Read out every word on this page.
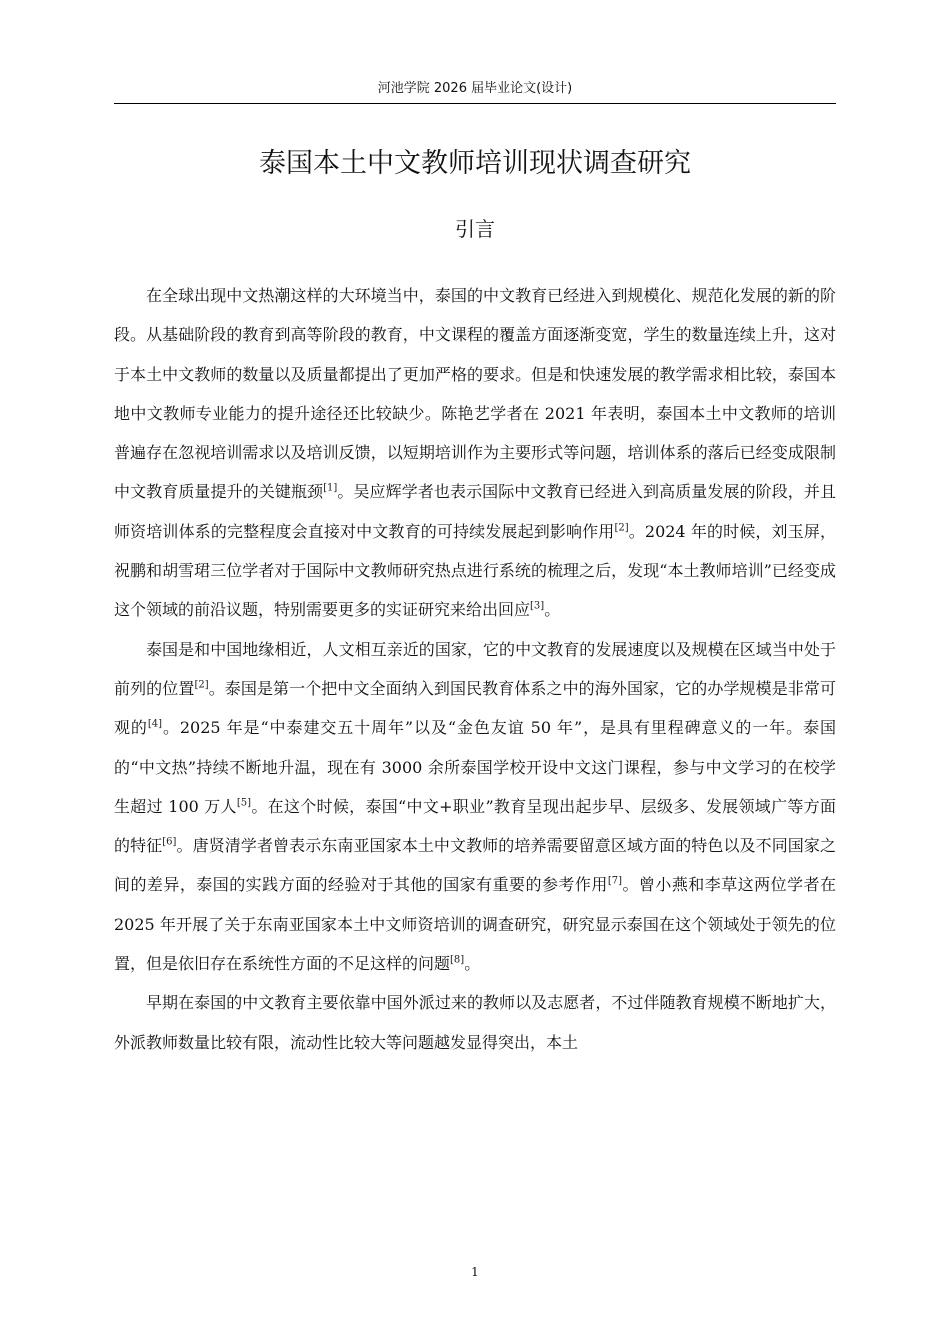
河池学院 2026 届毕业论文(设计)
泰国本土中文教师培训现状调查研究
引言

在全球出现中文热潮这样的大环境当中，泰国的中文教育已经进入到规模化、规范化发展的新的阶段。从基础阶段的教育到高等阶段的教育，中文课程的覆盖方面逐渐变宽，学生的数量连续上升，这对于本土中文教师的数量以及质量都提出了更加严格的要求。但是和快速发展的教学需求相比较，泰国本地中文教师专业能力的提升途径还比较缺少。陈艳艺学者在 2021 年表明，泰国本土中文教师的培训普遍存在忽视培训需求以及培训反馈，以短期培训作为主要形式等问题，培训体系的落后已经变成限制中文教育质量提升的关键瓶颈[1]。吴应辉学者也表示国际中文教育已经进入到高质量发展的阶段，并且师资培训体系的完整程度会直接对中文教育的可持续发展起到影响作用[2]。2024 年的时候，刘玉屏，祝鹏和胡雪珺三位学者对于国际中文教师研究热点进行系统的梳理之后，发现“本土教师培训”已经变成这个领域的前沿议题，特别需要更多的实证研究来给出回应[3]。

泰国是和中国地缘相近，人文相互亲近的国家，它的中文教育的发展速度以及规模在区域当中处于前列的位置[2]。泰国是第一个把中文全面纳入到国民教育体系之中的海外国家，它的办学规模是非常可观的[4]。2025 年是“中泰建交五十周年”以及“金色友谊 50 年”，是具有里程碑意义的一年。泰国的“中文热”持续不断地升温，现在有 3000 余所泰国学校开设中文这门课程，参与中文学习的在校学生超过 100 万人[5]。在这个时候，泰国“中文+职业”教育呈现出起步早、层级多、发展领域广等方面的特征[6]。唐贤清学者曾表示东南亚国家本土中文教师的培养需要留意区域方面的特色以及不同国家之间的差异，泰国的实践方面的经验对于其他的国家有重要的参考作用[7]。曾小燕和李草这两位学者在 2025 年开展了关于东南亚国家本土中文师资培训的调查研究，研究显示泰国在这个领域处于领先的位置，但是依旧存在系统性方面的不足这样的问题[8]。

早期在泰国的中文教育主要依靠中国外派过来的教师以及志愿者，不过伴随教育规模不断地扩大，外派教师数量比较有限，流动性比较大等问题越发显得突出，本土

1
